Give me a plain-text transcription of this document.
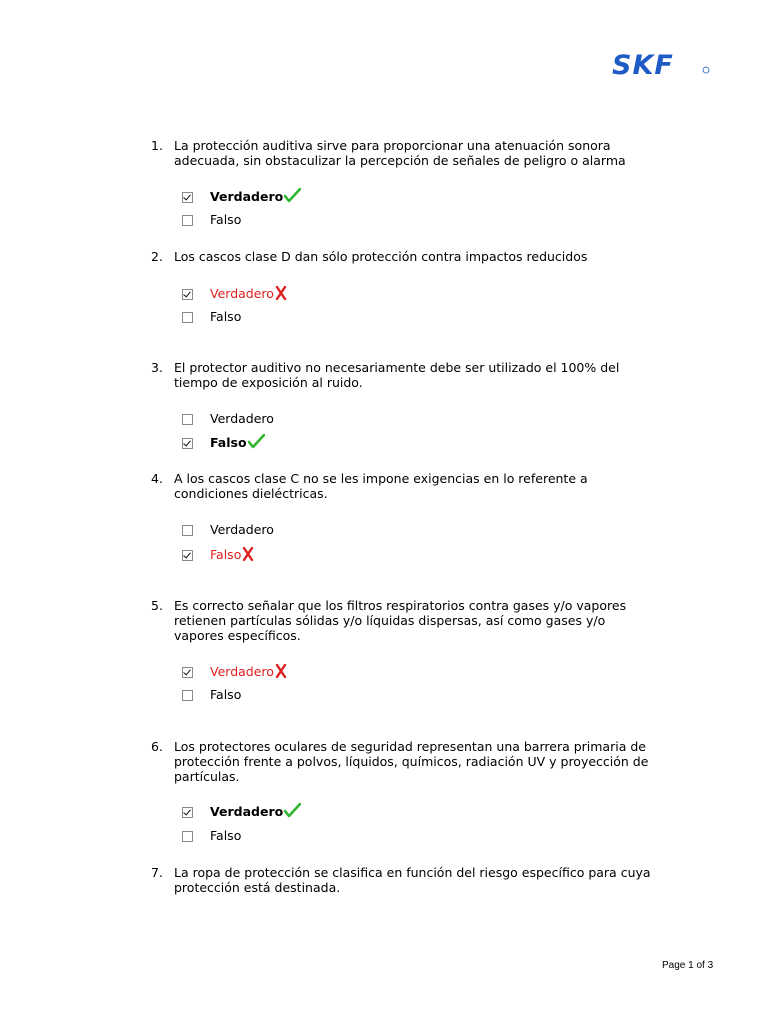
SKF
1. La protección auditiva sirve para proporcionar una atenuación sonora adecuada, sin obstaculizar la percepción de señales de peligro o alarma
Verdadero
Falso
2. Los cascos clase D dan sólo protección contra impactos reducidos
Verdadero
Falso
3. El protector auditivo no necesariamente debe ser utilizado el 100% del tiempo de exposición al ruido.
Verdadero
Falso
4. A los cascos clase C no se les impone exigencias en lo referente a condiciones dieléctricas.
Verdadero
Falso
5. Es correcto señalar que los filtros respiratorios contra gases y/o vapores retienen partículas sólidas y/o líquidas dispersas, así como gases y/o vapores específicos.
Verdadero
Falso
6. Los protectores oculares de seguridad representan una barrera primaria de protección frente a polvos, líquidos, químicos, radiación UV y proyección de partículas.
Verdadero
Falso
7. La ropa de protección se clasifica en función del riesgo específico para cuya protección está destinada.
Page 1 of 3
